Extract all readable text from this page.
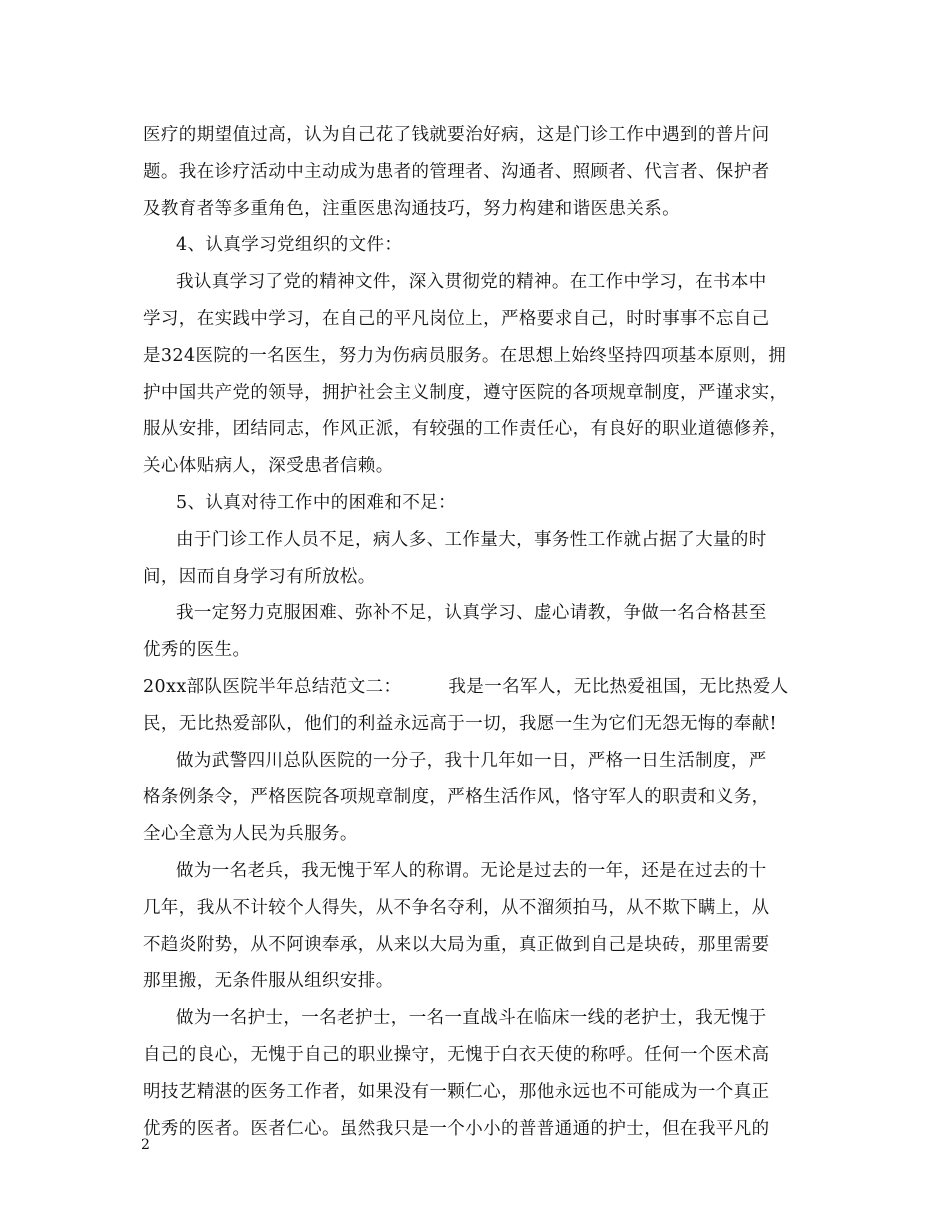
医疗的期望值过高，认为自己花了钱就要治好病，这是门诊工作中遇到的普片问
题。我在诊疗活动中主动成为患者的管理者、沟通者、照顾者、代言者、保护者
及教育者等多重角色，注重医患沟通技巧，努力构建和谐医患关系。
4、认真学习党组织的文件：
我认真学习了党的精神文件，深入贯彻党的精神。在工作中学习，在书本中
学习，在实践中学习，在自己的平凡岗位上，严格要求自己，时时事事不忘自己
是324医院的一名医生，努力为伤病员服务。在思想上始终坚持四项基本原则，拥
护中国共产党的领导，拥护社会主义制度，遵守医院的各项规章制度，严谨求实，
服从安排，团结同志，作风正派，有较强的工作责任心，有良好的职业道德修养，
关心体贴病人，深受患者信赖。
5、认真对待工作中的困难和不足：
由于门诊工作人员不足，病人多、工作量大，事务性工作就占据了大量的时
间，因而自身学习有所放松。
我一定努力克服困难、弥补不足，认真学习、虚心请教，争做一名合格甚至
优秀的医生。
20xx部队医院半年总结范文二：	我是一名军人，无比热爱祖国，无比热爱人
民，无比热爱部队，他们的利益永远高于一切，我愿一生为它们无怨无悔的奉献!
做为武警四川总队医院的一分子，我十几年如一日，严格一日生活制度，严
格条例条令，严格医院各项规章制度，严格生活作风，恪守军人的职责和义务，
全心全意为人民为兵服务。
做为一名老兵，我无愧于军人的称谓。无论是过去的一年，还是在过去的十
几年，我从不计较个人得失，从不争名夺利，从不溜须拍马，从不欺下瞒上，从
不趋炎附势，从不阿谀奉承，从来以大局为重，真正做到自己是块砖，那里需要
那里搬，无条件服从组织安排。
做为一名护士，一名老护士，一名一直战斗在临床一线的老护士，我无愧于
自己的良心，无愧于自己的职业操守，无愧于白衣天使的称呼。任何一个医术高
明技艺精湛的医务工作者，如果没有一颗仁心，那他永远也不可能成为一个真正
优秀的医者。医者仁心。虽然我只是一个小小的普普通通的护士，但在我平凡的
2
